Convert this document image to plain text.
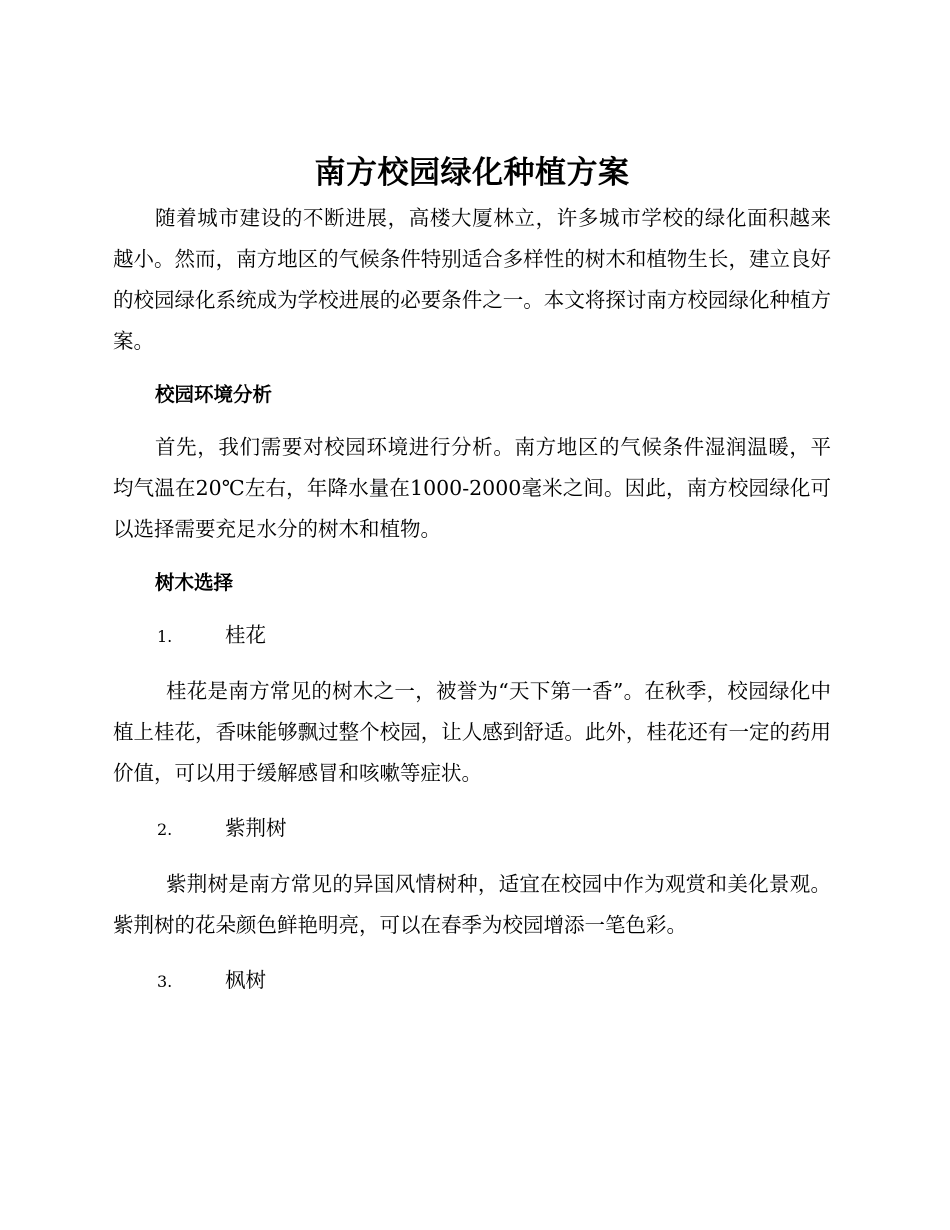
南方校园绿化种植方案

随着城市建设的不断进展，高楼大厦林立，许多城市学校的绿化面积越来越小。然而，南方地区的气候条件特别适合多样性的树木和植物生长，建立良好的校园绿化系统成为学校进展的必要条件之一。本文将探讨南方校园绿化种植方案。

校园环境分析

首先，我们需要对校园环境进行分析。南方地区的气候条件湿润温暖，平均气温在20℃左右，年降水量在1000-2000毫米之间。因此，南方校园绿化可以选择需要充足水分的树木和植物。

树木选择
1.	桂花

桂花是南方常见的树木之一，被誉为“天下第一香”。在秋季，校园绿化中植上桂花，香味能够飘过整个校园，让人感到舒适。此外，桂花还有一定的药用价值，可以用于缓解感冒和咳嗽等症状。

2.	紫荆树

紫荆树是南方常见的异国风情树种，适宜在校园中作为观赏和美化景观。紫荆树的花朵颜色鲜艳明亮，可以在春季为校园增添一笔色彩。

3.	枫树
